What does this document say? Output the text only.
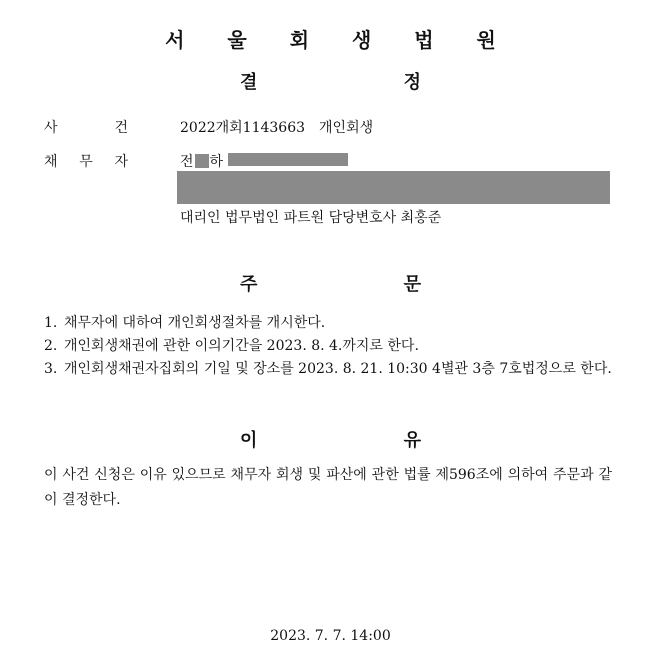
서 울 회 생 법 원
결 정
사	건	2022개회1143663 개인회생
채 무 자	전 하
대리인 법무법인 파트원 담당변호사 최홍준
주 문
1. 채무자에 대하여 개인회생절차를 개시한다.
2. 개인회생채권에 관한 이의기간을 2023. 8. 4.까지로 한다.
3. 개인회생채권자집회의 기일 및 장소를 2023. 8. 21. 10:30 4별관 3층 7호법정으로 한다.
이 유
이 사건 신청은 이유 있으므로 채무자 회생 및 파산에 관한 법률 제596조에 의하여 주문과 같이 결정한다.
2023. 7. 7. 14:00
